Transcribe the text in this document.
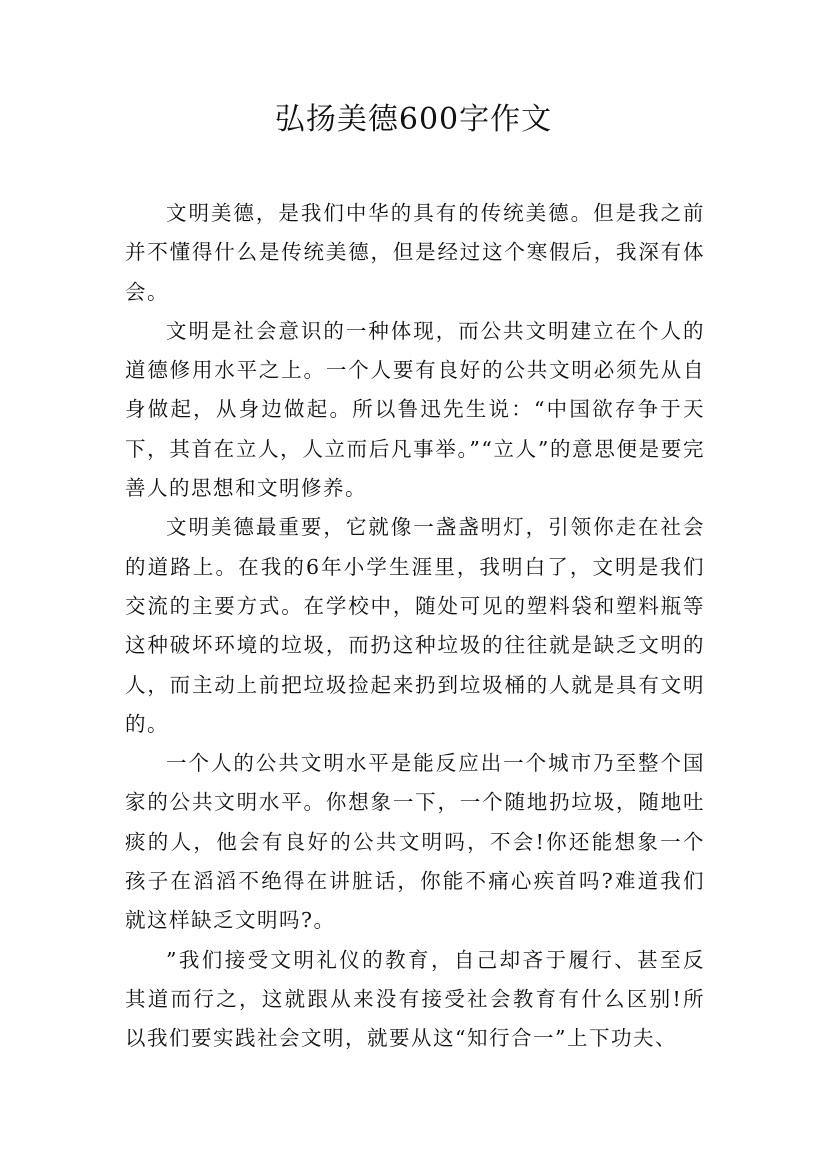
弘扬美德600字作文

文明美德，是我们中华的具有的传统美德。但是我之前并不懂得什么是传统美德，但是经过这个寒假后，我深有体会。

文明是社会意识的一种体现，而公共文明建立在个人的道德修用水平之上。一个人要有良好的公共文明必须先从自身做起，从身边做起。所以鲁迅先生说：“中国欲存争于天下，其首在立人，人立而后凡事举。”“立人”的意思便是要完善人的思想和文明修养。

文明美德最重要，它就像一盏盏明灯，引领你走在社会的道路上。在我的6年小学生涯里，我明白了，文明是我们交流的主要方式。在学校中，随处可见的塑料袋和塑料瓶等这种破坏环境的垃圾，而扔这种垃圾的往往就是缺乏文明的人，而主动上前把垃圾捡起来扔到垃圾桶的人就是具有文明的。

一个人的公共文明水平是能反应出一个城市乃至整个国家的公共文明水平。你想象一下，一个随地扔垃圾，随地吐痰的人，他会有良好的公共文明吗，不会!你还能想象一个孩子在滔滔不绝得在讲脏话，你能不痛心疾首吗?难道我们就这样缺乏文明吗?。

”我们接受文明礼仪的教育，自己却吝于履行、甚至反其道而行之，这就跟从来没有接受社会教育有什么区别!所以我们要实践社会文明，就要从这“知行合一”上下功夫、
